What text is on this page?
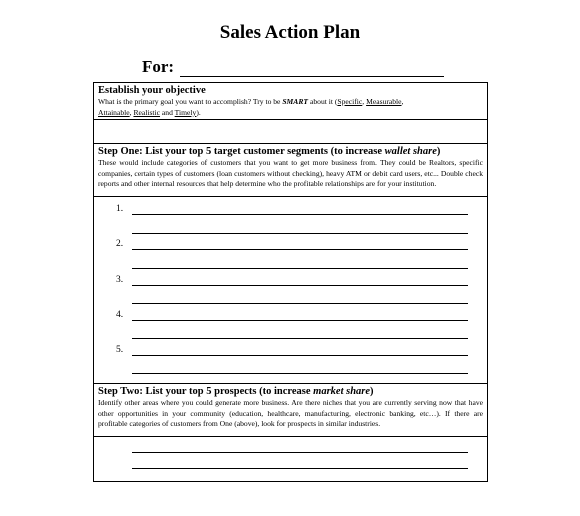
Sales Action Plan
For:
Establish your objective
What is the primary goal you want to accomplish? Try to be SMART about it (Specific, Measurable,
Attainable, Realistic and Timely).
Step One: List your top 5 target customer segments (to increase wallet share)
These would include categories of customers that you want to get more business from. They could be Realtors, specific companies, certain types of customers (loan customers without checking), heavy ATM or debit card users, etc... Double check reports and other internal resources that help determine who the profitable relationships are for your institution.
1.
2.
3.
4.
5.
Step Two: List your top 5 prospects (to increase market share)
Identify other areas where you could generate more business. Are there niches that you are currently serving now that have other opportunities in your community (education, healthcare, manufacturing, electronic banking, etc…). If there are profitable categories of customers from One (above), look for prospects in similar industries.
